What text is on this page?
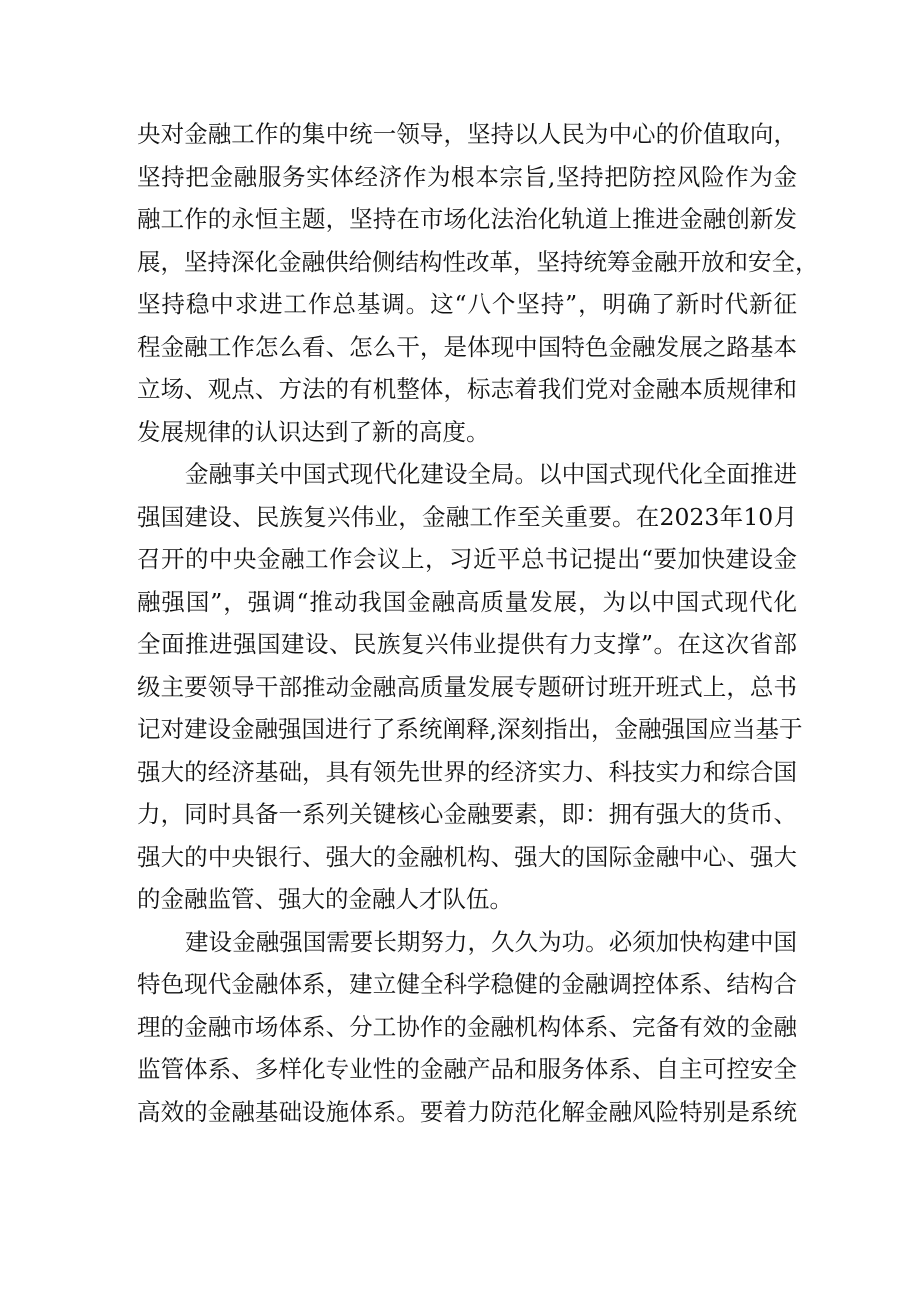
央对金融工作的集中统一领导，坚持以人民为中心的价值取向，
坚持把金融服务实体经济作为根本宗旨,坚持把防控风险作为金
融工作的永恒主题，坚持在市场化法治化轨道上推进金融创新发
展，坚持深化金融供给侧结构性改革，坚持统筹金融开放和安全，
坚持稳中求进工作总基调。这“八个坚持”，明确了新时代新征
程金融工作怎么看、怎么干，是体现中国特色金融发展之路基本
立场、观点、方法的有机整体，标志着我们党对金融本质规律和
发展规律的认识达到了新的高度。
金融事关中国式现代化建设全局。以中国式现代化全面推进
强国建设、民族复兴伟业，金融工作至关重要。在2023年10月
召开的中央金融工作会议上，习近平总书记提出“要加快建设金
融强国”，强调“推动我国金融高质量发展，为以中国式现代化
全面推进强国建设、民族复兴伟业提供有力支撑”。在这次省部
级主要领导干部推动金融高质量发展专题研讨班开班式上，总书
记对建设金融强国进行了系统阐释,深刻指出，金融强国应当基于
强大的经济基础，具有领先世界的经济实力、科技实力和综合国
力，同时具备一系列关键核心金融要素，即：拥有强大的货币、
强大的中央银行、强大的金融机构、强大的国际金融中心、强大
的金融监管、强大的金融人才队伍。
建设金融强国需要长期努力，久久为功。必须加快构建中国
特色现代金融体系，建立健全科学稳健的金融调控体系、结构合
理的金融市场体系、分工协作的金融机构体系、完备有效的金融
监管体系、多样化专业性的金融产品和服务体系、自主可控安全
高效的金融基础设施体系。要着力防范化解金融风险特别是系统
